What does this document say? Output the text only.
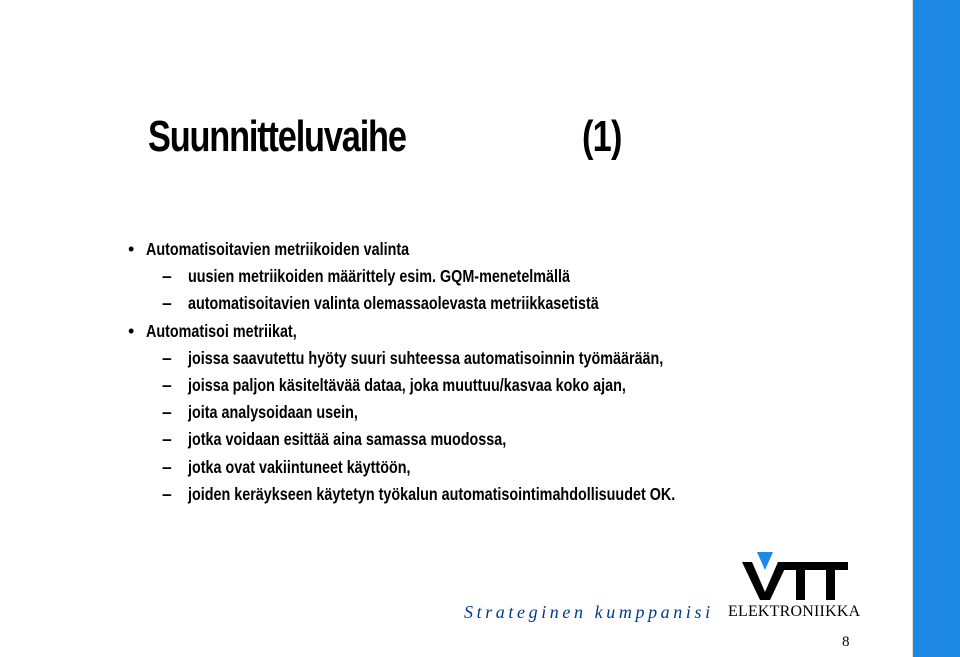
Suunnitteluvaihe	(1)
• Automatisoitavien metriikoiden valinta
– uusien metriikoiden määrittely esim. GQM-menetelmällä
– automatisoitavien valinta olemassaolevasta metriikkasetistä
• Automatisoi metriikat,
– joissa saavutettu hyöty suuri suhteessa automatisoinnin työmäärään,
– joissa paljon käsiteltävää dataa, joka muuttuu/kasvaa koko ajan,
– joita analysoidaan usein,
– jotka voidaan esittää aina samassa muodossa,
– jotka ovat vakiintuneet käyttöön,
– joiden keräykseen käytetyn työkalun automatisointimahdollisuudet OK.
Strateginen kumppanisi ELEKTRONIIKKA
8
